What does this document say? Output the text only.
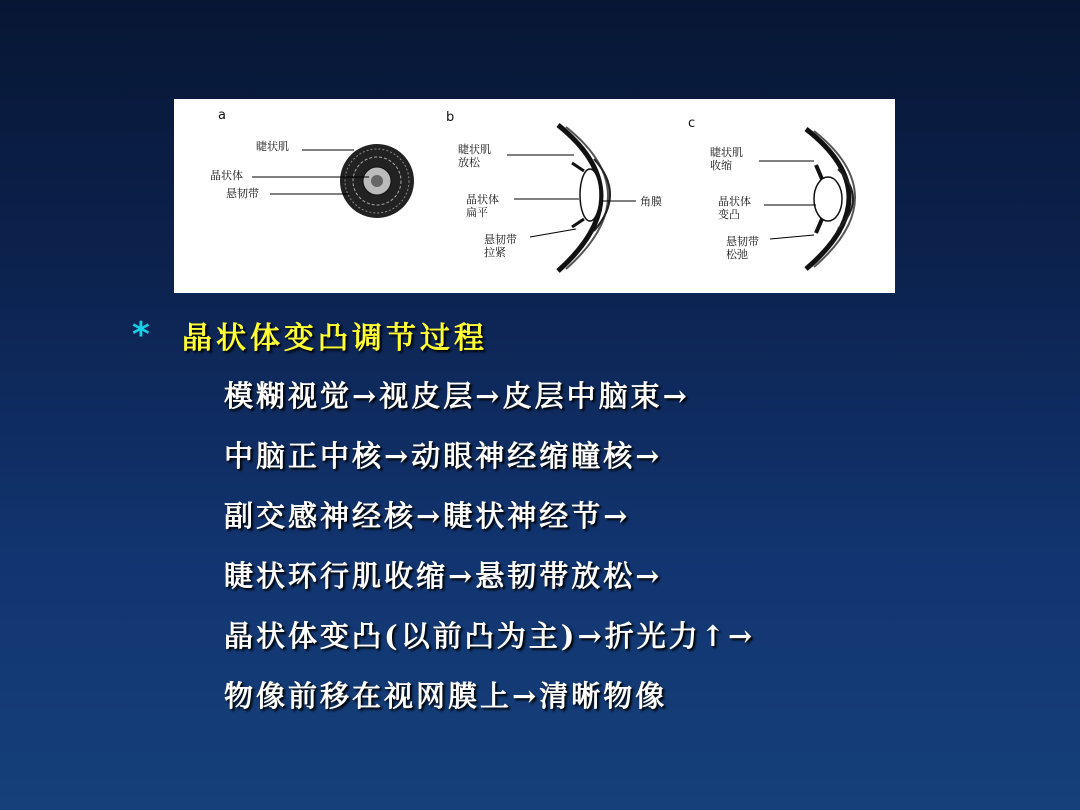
a
睫状肌
晶状体
悬韧带
b
睫状肌
放松
晶状体
扁平
悬韧带
拉紧
角膜
c
睫状肌
收缩
晶状体
变凸
悬韧带
松弛
*	晶状体变凸调节过程
模糊视觉→视皮层→皮层中脑束→
中脑正中核→动眼神经缩瞳核→
副交感神经核→睫状神经节→
睫状环行肌收缩→悬韧带放松→
晶状体变凸(以前凸为主)→折光力↑→
物像前移在视网膜上→清晰物像
